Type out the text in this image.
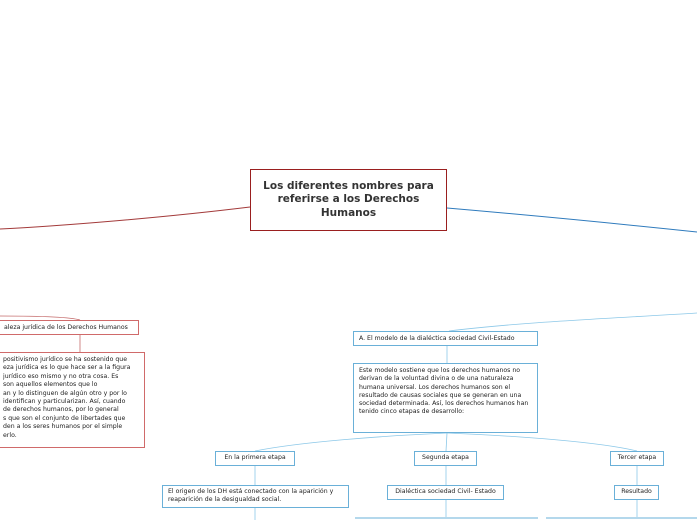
Los diferentes nombres para referirse a los Derechos Humanos
aleza jurídica de los Derechos Humanos
positivismo jurídico se ha sostenido que
eza jurídica es lo que hace ser a la figura
jurídico eso mismo y no otra cosa. Es
son aquellos elementos que lo
an y lo distinguen de algún otro y por lo
identifican y particularizan. Así, cuando
de derechos humanos, por lo general
s que son el conjunto de libertades que
den a los seres humanos por el simple
erlo.
A. El modelo de la dialéctica sociedad Civil-Estado
Este modelo sostiene que los derechos humanos no derivan de la voluntad divina o de una naturaleza humana universal. Los derechos humanos son el resultado de causas sociales que se generan en una sociedad determinada. Así, los derechos humanos han tenido cinco etapas de desarrollo:
En la primera etapa	Segunda etapa	Tercer etapa
El origen de los DH está conectado con la aparición y reaparición de la desigualdad social.
Dialéctica sociedad Civil- Estado	Resultado
